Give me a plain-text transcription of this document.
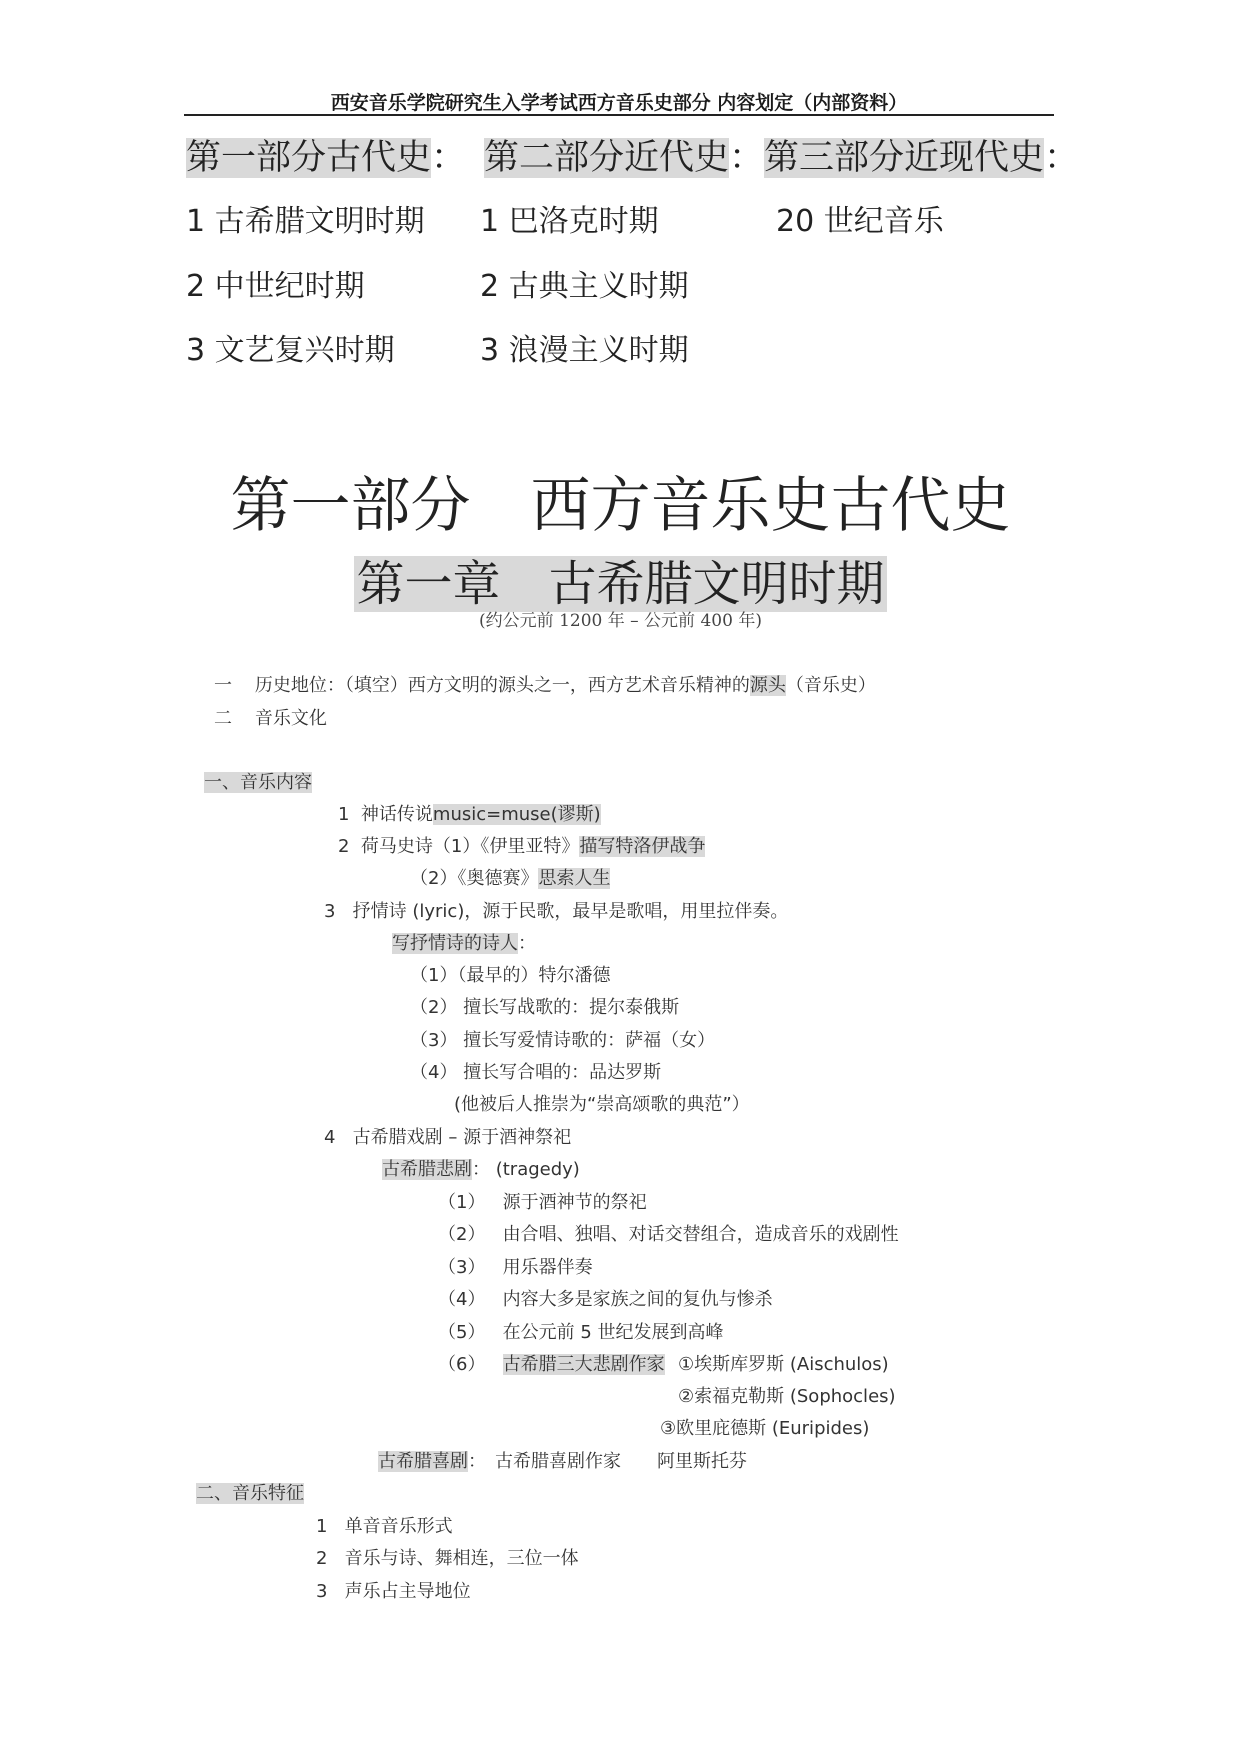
西安音乐学院研究生入学考试西方音乐史部分 内容划定（内部资料）
第一部分古代史： 第二部分近代史： 第三部分近现代史：
1 古希腊文明时期
2 中世纪时期
3 文艺复兴时期
1 巴洛克时期
2 古典主义时期
3 浪漫主义时期
20 世纪音乐
第一部分　西方音乐史古代史
第一章　古希腊文明时期
(约公元前 1200 年 – 公元前 400 年)
一 历史地位：（填空）西方文明的源头之一，西方艺术音乐精神的源头（音乐史）
二 音乐文化
一、音乐内容
1 神话传说music=muse(谬斯)
2 荷马史诗（1）《伊里亚特》描写特洛伊战争
（2）《奥德赛》思索人生
3 抒情诗 (lyric)，源于民歌，最早是歌唱，用里拉伴奏。
写抒情诗的诗人：
（1）（最早的）特尔潘德
（2） 擅长写战歌的：提尔泰俄斯
（3） 擅长写爱情诗歌的：萨福（女）
（4） 擅长写合唱的：品达罗斯
(他被后人推崇为“崇高颂歌的典范”）
4 古希腊戏剧 – 源于酒神祭祀
古希腊悲剧： (tragedy)
（1） 源于酒神节的祭祀
（2） 由合唱、独唱、对话交替组合，造成音乐的戏剧性
（3） 用乐器伴奏
（4） 内容大多是家族之间的复仇与惨杀
（5） 在公元前 5 世纪发展到高峰
（6） 古希腊三大悲剧作家 ①埃斯库罗斯 (Aischulos)
②索福克勒斯 (Sophocles)
③欧里庇德斯 (Euripides)
古希腊喜剧：　古希腊喜剧作家　　阿里斯托芬
二、音乐特征
1 单音音乐形式
2 音乐与诗、舞相连，三位一体
3 声乐占主导地位
